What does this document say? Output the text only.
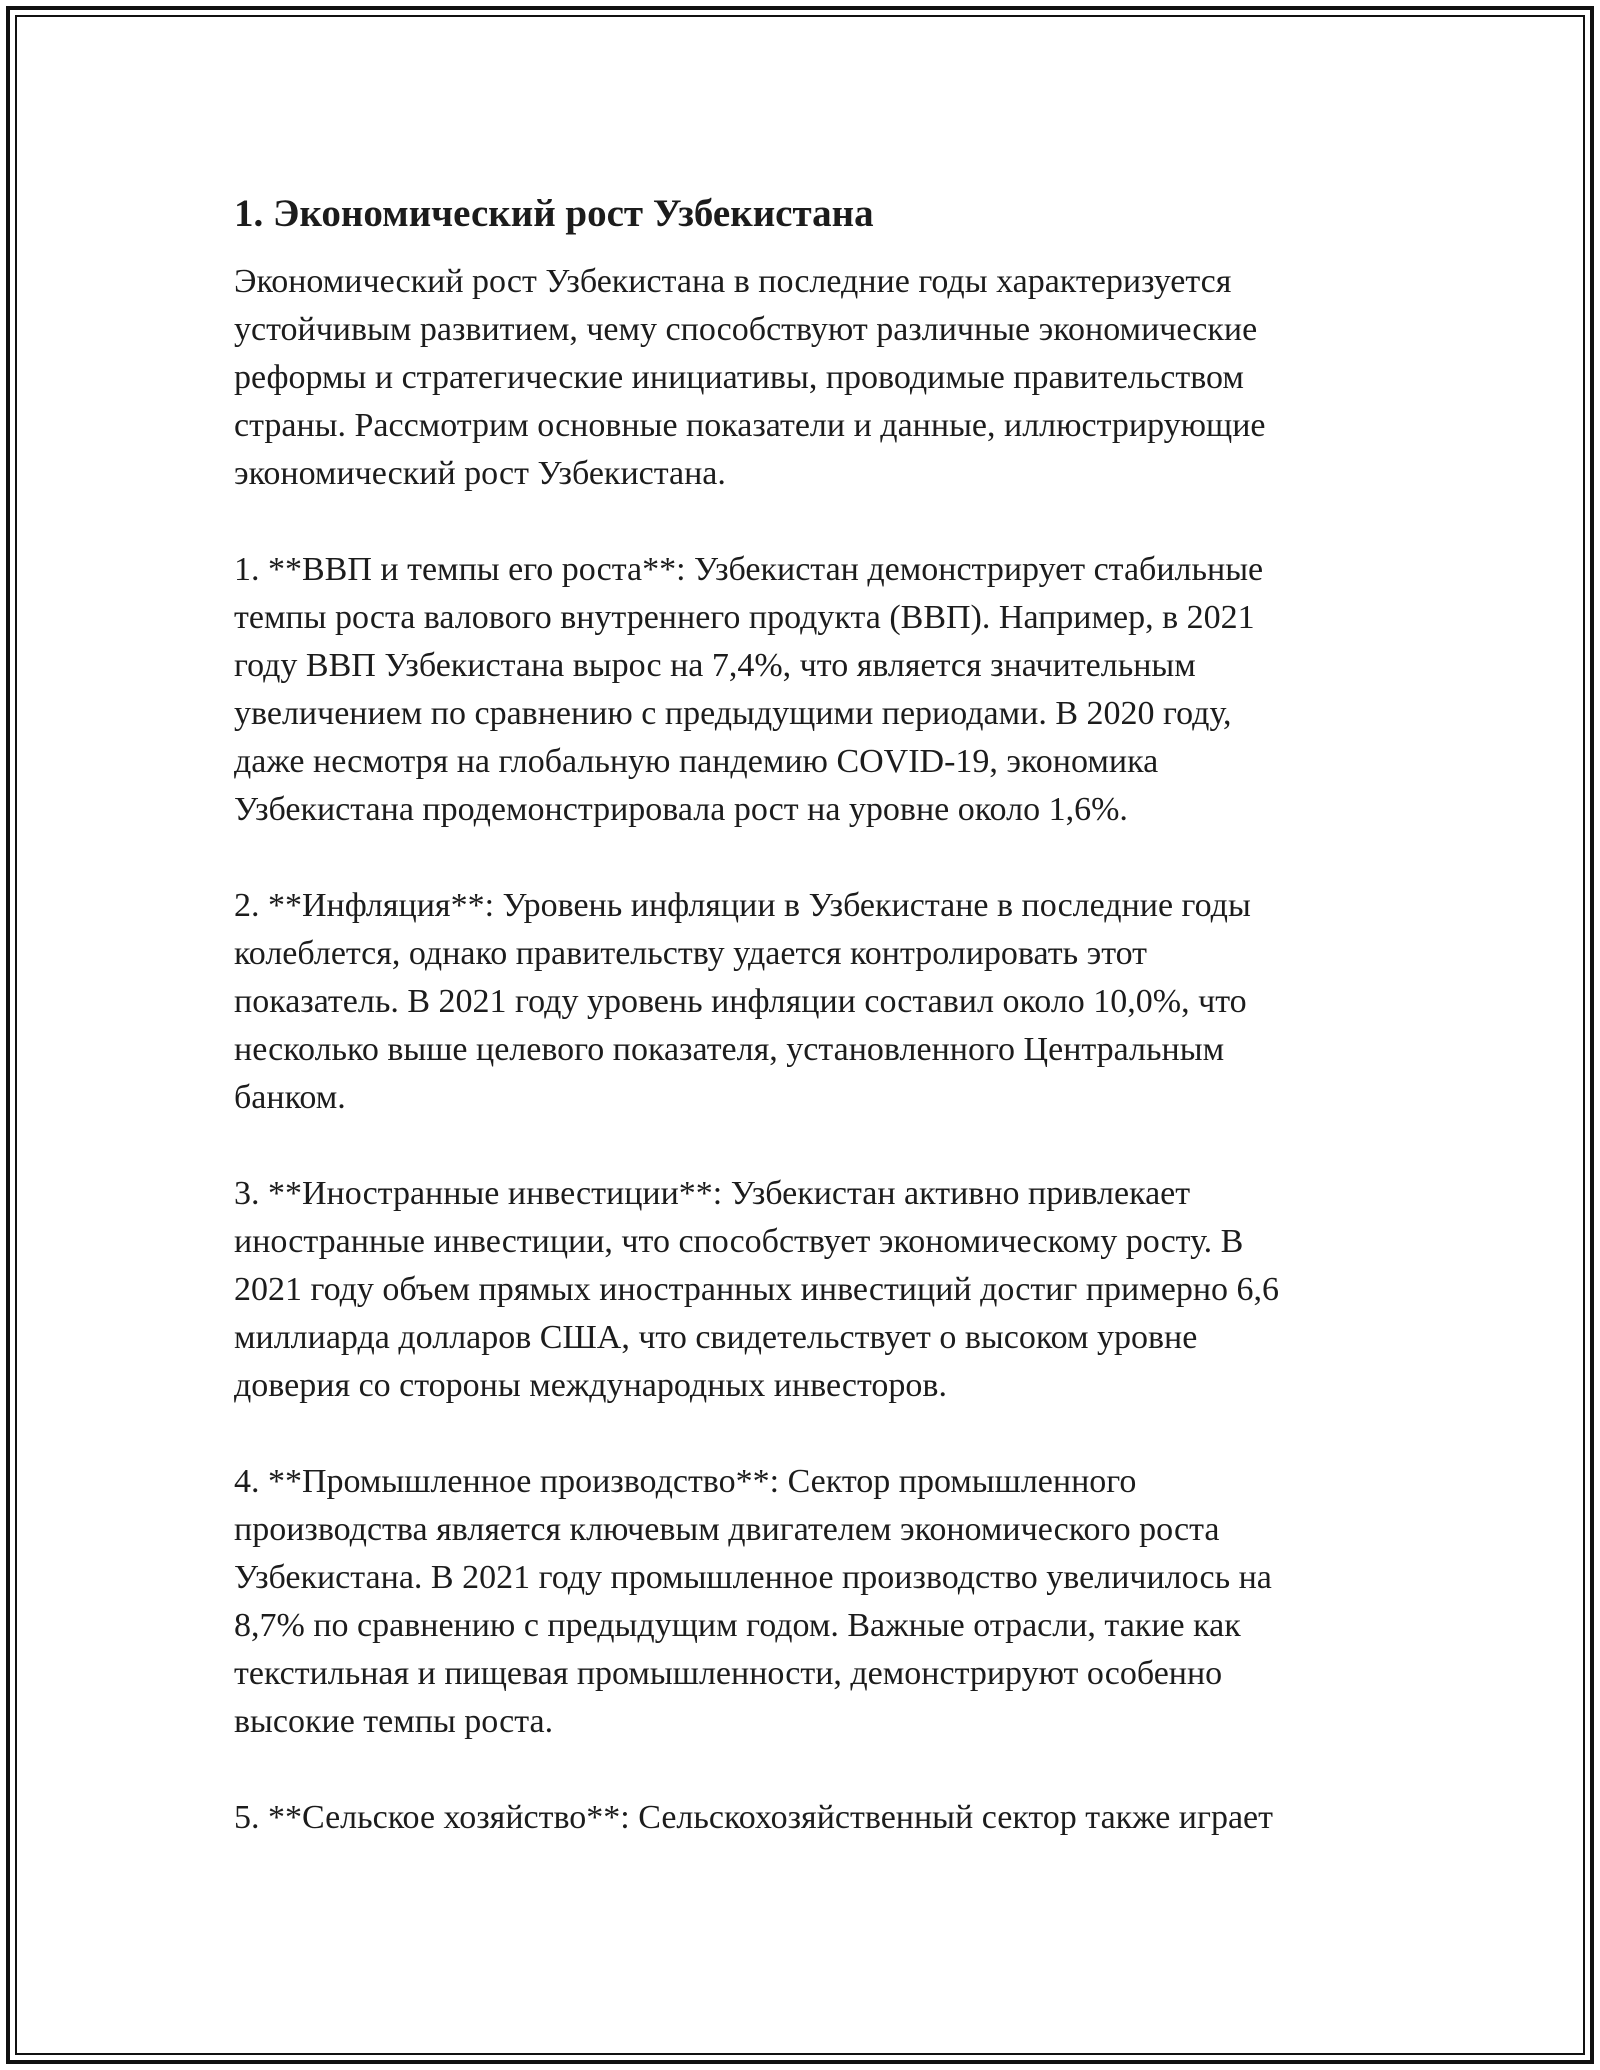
1. Экономический рост Узбекистана
Экономический рост Узбекистана в последние годы характеризуется
устойчивым развитием, чему способствуют различные экономические
реформы и стратегические инициативы, проводимые правительством
страны. Рассмотрим основные показатели и данные, иллюстрирующие
экономический рост Узбекистана.
1. **ВВП и темпы его роста**: Узбекистан демонстрирует стабильные
темпы роста валового внутреннего продукта (ВВП). Например, в 2021
году ВВП Узбекистана вырос на 7,4%, что является значительным
увеличением по сравнению с предыдущими периодами. В 2020 году,
даже несмотря на глобальную пандемию COVID-19, экономика
Узбекистана продемонстрировала рост на уровне около 1,6%.
2. **Инфляция**: Уровень инфляции в Узбекистане в последние годы
колеблется, однако правительству удается контролировать этот
показатель. В 2021 году уровень инфляции составил около 10,0%, что
несколько выше целевого показателя, установленного Центральным
банком.
3. **Иностранные инвестиции**: Узбекистан активно привлекает
иностранные инвестиции, что способствует экономическому росту. В
2021 году объем прямых иностранных инвестиций достиг примерно 6,6
миллиарда долларов США, что свидетельствует о высоком уровне
доверия со стороны международных инвесторов.
4. **Промышленное производство**: Сектор промышленного
производства является ключевым двигателем экономического роста
Узбекистана. В 2021 году промышленное производство увеличилось на
8,7% по сравнению с предыдущим годом. Важные отрасли, такие как
текстильная и пищевая промышленности, демонстрируют особенно
высокие темпы роста.
5. **Сельское хозяйство**: Сельскохозяйственный сектор также играет
